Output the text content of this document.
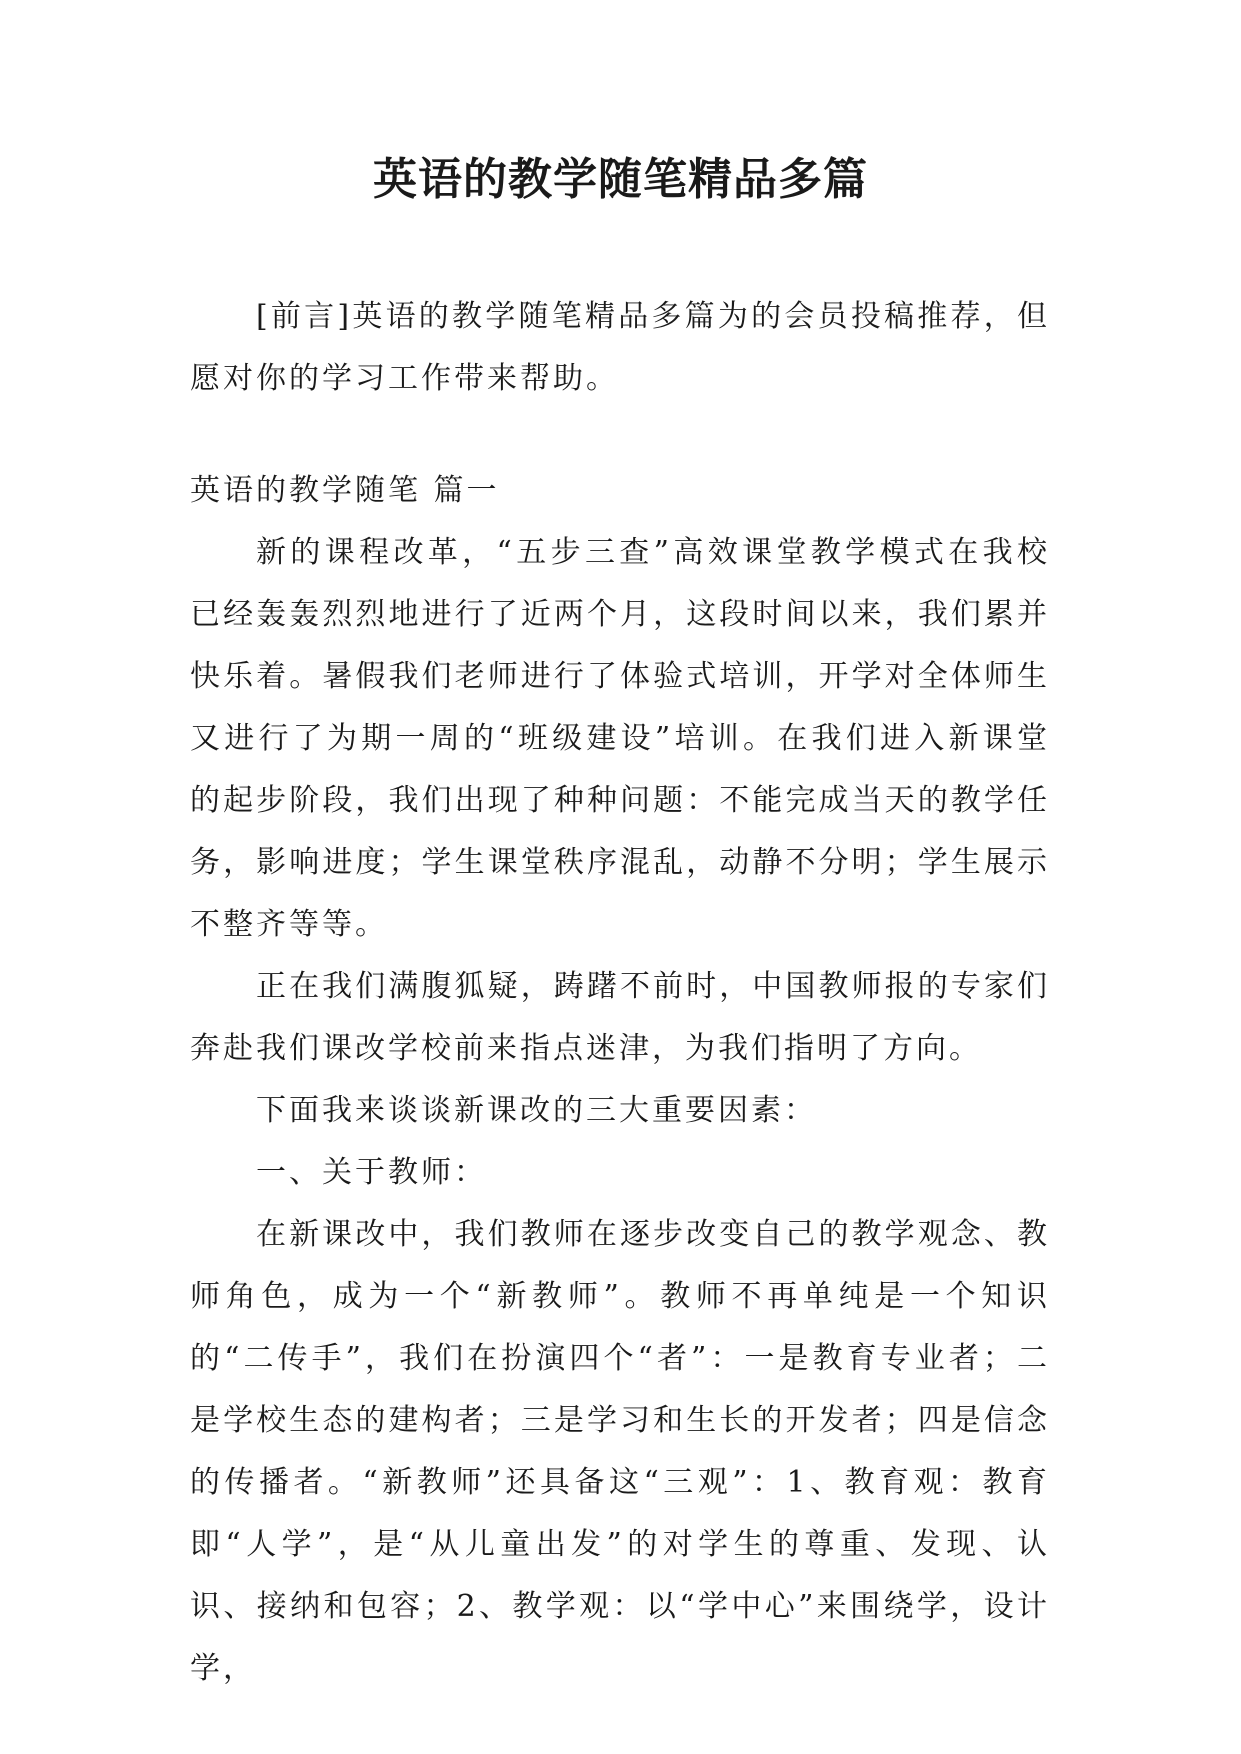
英语的教学随笔精品多篇

[前言]英语的教学随笔精品多篇为的会员投稿推荐，但愿对你的学习工作带来帮助。

英语的教学随笔 篇一

新的课程改革，“五步三查”高效课堂教学模式在我校已经轰轰烈烈地进行了近两个月，这段时间以来，我们累并快乐着。暑假我们老师进行了体验式培训，开学对全体师生又进行了为期一周的“班级建设”培训。在我们进入新课堂的起步阶段，我们出现了种种问题：不能完成当天的教学任务，影响进度；学生课堂秩序混乱，动静不分明；学生展示不整齐等等。

正在我们满腹狐疑，踌躇不前时，中国教师报的专家们奔赴我们课改学校前来指点迷津，为我们指明了方向。

下面我来谈谈新课改的三大重要因素：

一、关于教师：

在新课改中，我们教师在逐步改变自己的教学观念、教师角色，成为一个“新教师”。教师不再单纯是一个知识的“二传手”，我们在扮演四个“者”：一是教育专业者；二是学校生态的建构者；三是学习和生长的开发者；四是信念的传播者。“新教师”还具备这“三观”：1、教育观：教育即“人学”，是“从儿童出发”的对学生的尊重、发现、认识、接纳和包容；2、教学观：以“学中心”来围绕学，设计学，
